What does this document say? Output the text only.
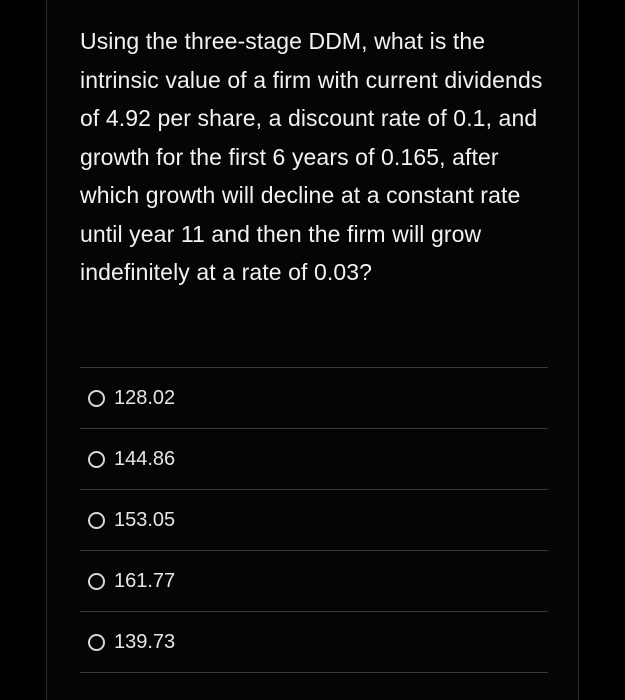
Using the three-stage DDM, what is the intrinsic value of a firm with current dividends of 4.92 per share, a discount rate of 0.1, and growth for the first 6 years of 0.165, after which growth will decline at a constant rate until year 11 and then the firm will grow indefinitely at a rate of 0.03?

128.02
144.86
153.05
161.77
139.73
